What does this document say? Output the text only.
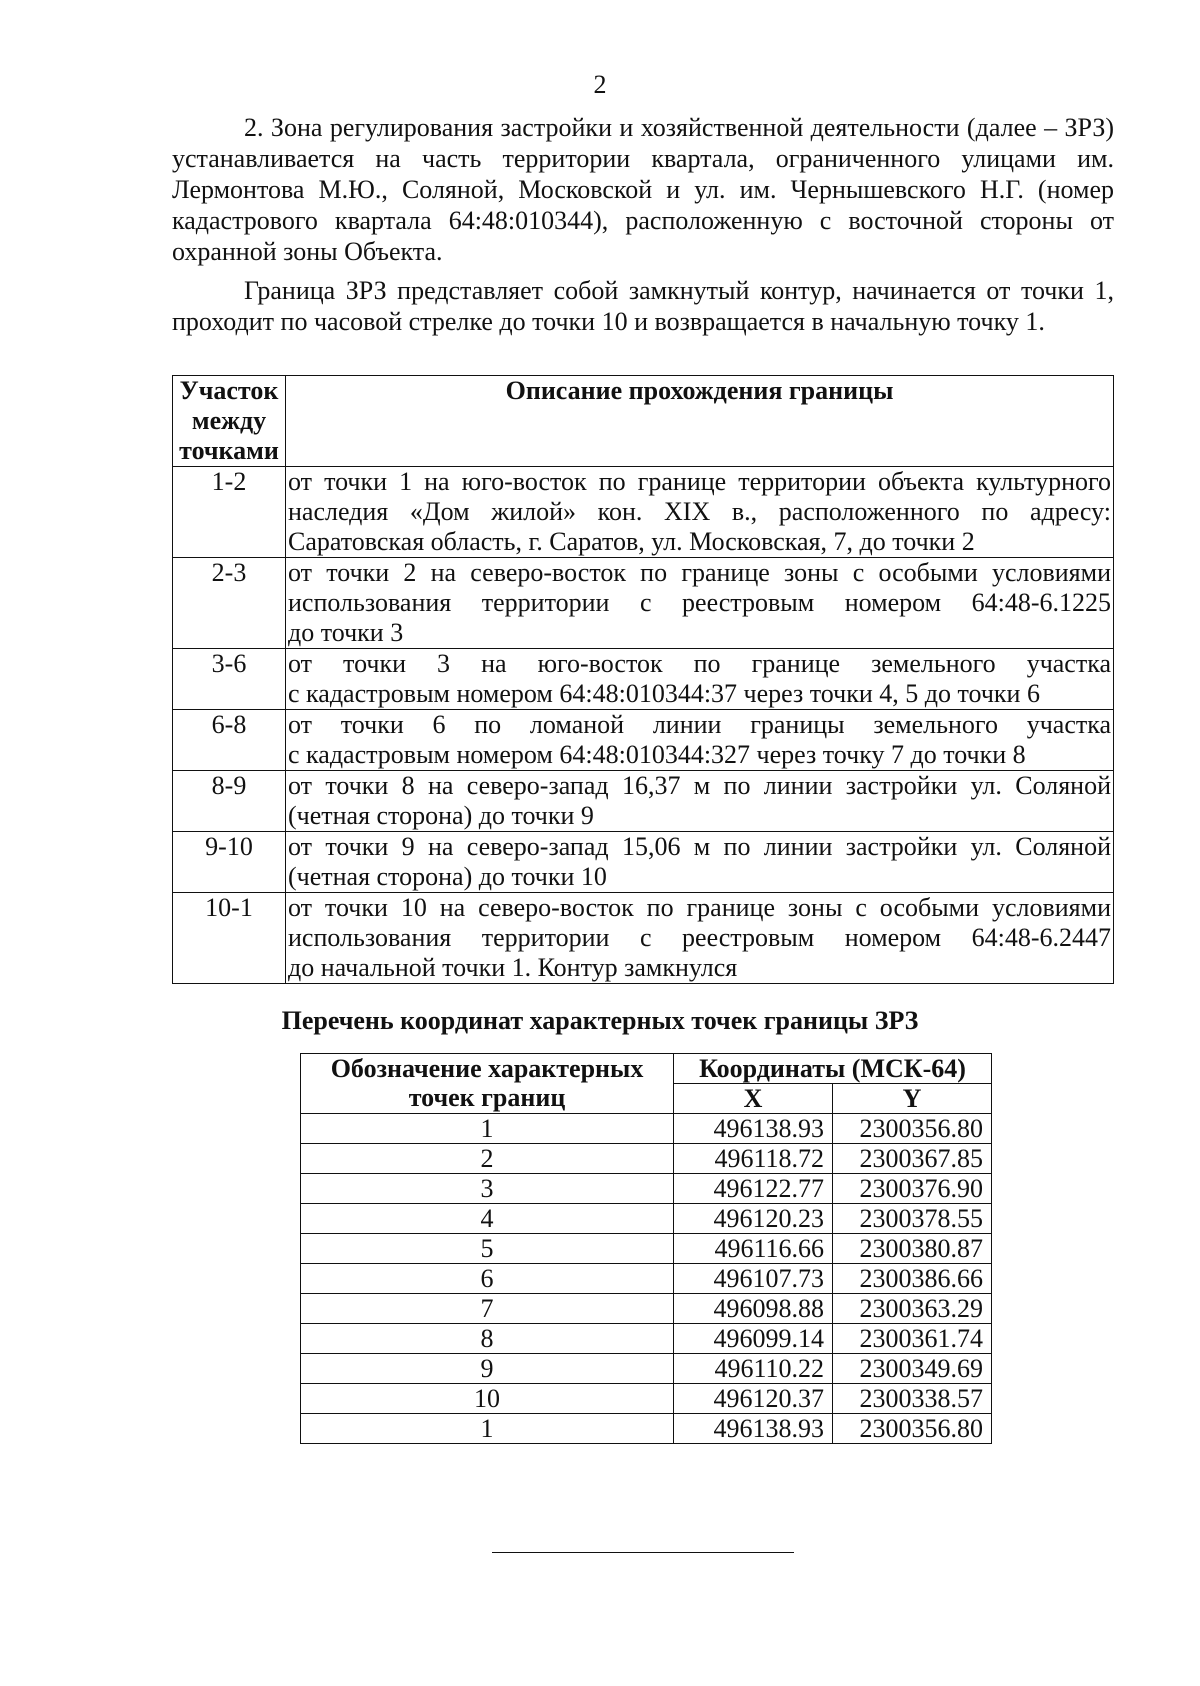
2

2. Зона регулирования застройки и хозяйственной деятельности (далее – ЗРЗ) устанавливается на часть территории квартала, ограниченного улицами им. Лермонтова М.Ю., Соляной, Московской и ул. им. Чернышевского Н.Г. (номер кадастрового квартала 64:48:010344), расположенную с восточной стороны от охранной зоны Объекта.

Граница ЗРЗ представляет собой замкнутый контур, начинается от точки 1, проходит по часовой стрелке до точки 10 и возвращается в начальную точку 1.

Участок между точками	Описание прохождения границы
1-2	от точки 1 на юго-восток по границе территории объекта культурного
наследия «Дом жилой» кон. XIX в., расположенного по адресу:
Саратовская область, г. Саратов, ул. Московская, 7, до точки 2

2-3	от точки 2 на северо-восток по границе зоны с особыми условиями
использования территории с реестровым номером 64:48-6.1225
до точки 3

3-6	от точки 3 на юго-восток по границе земельного участка
с кадастровым номером 64:48:010344:37 через точки 4, 5 до точки 6

6-8	от точки 6 по ломаной линии границы земельного участка
с кадастровым номером 64:48:010344:327 через точку 7 до точки 8

8-9	от точки 8 на северо-запад 16,37 м по линии застройки ул. Соляной
(четная сторона) до точки 9

9-10	от точки 9 на северо-запад 15,06 м по линии застройки ул. Соляной
(четная сторона) до точки 10

10-1	от точки 10 на северо-восток по границе зоны с особыми условиями
использования территории с реестровым номером 64:48-6.2447
до начальной точки 1. Контур замкнулся
Перечень координат характерных точек границы ЗРЗ
Обозначение характерных точек границ	Координаты (МСК-64)	
	X	Y
1	496138.93	2300356.80
2	496118.72	2300367.85
3	496122.77	2300376.90
4	496120.23	2300378.55
5	496116.66	2300380.87
6	496107.73	2300386.66
7	496098.88	2300363.29
8	496099.14	2300361.74
9	496110.22	2300349.69
10	496120.37	2300338.57
1	496138.93	2300356.80
